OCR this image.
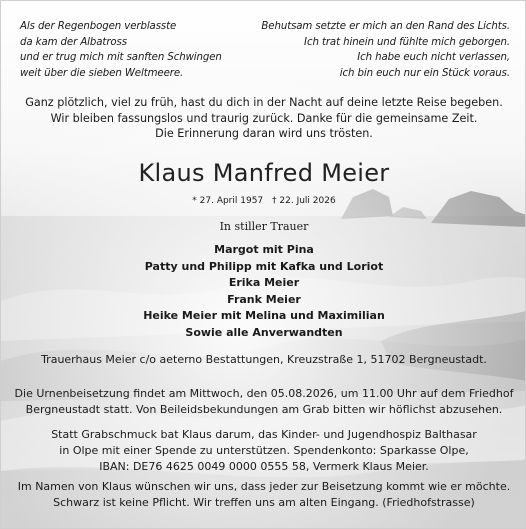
Als der Regenbogen verblasste
da kam der Albatross
und er trug mich mit sanften Schwingen
weit über die sieben Weltmeere.
Behutsam setzte er mich an den Rand des Lichts.
Ich trat hinein und fühlte mich geborgen.
Ich habe euch nicht verlassen,
ich bin euch nur ein Stück voraus.
Ganz plötzlich, viel zu früh, hast du dich in der Nacht auf deine letzte Reise begeben.
Wir bleiben fassungslos und traurig zurück. Danke für die gemeinsame Zeit.
Die Erinnerung daran wird uns trösten.
Klaus Manfred Meier
* 27. April 1957 † 22. Juli 2026
In stiller Trauer
Margot mit Pina
Patty und Philipp mit Kafka und Loriot
Erika Meier
Frank Meier
Heike Meier mit Melina und Maximilian
Sowie alle Anverwandten
Trauerhaus Meier c/o aeterno Bestattungen, Kreuzstraße 1, 51702 Bergneustadt.
Die Urnenbeisetzung findet am Mittwoch, den 05.08.2026, um 11.00 Uhr auf dem Friedhof
Bergneustadt statt. Von Beileidsbekundungen am Grab bitten wir höflichst abzusehen.
Statt Grabschmuck bat Klaus darum, das Kinder- und Jugendhospiz Balthasar
in Olpe mit einer Spende zu unterstützen. Spendenkonto: Sparkasse Olpe,
IBAN: DE76 4625 0049 0000 0555 58, Vermerk Klaus Meier.
Im Namen von Klaus wünschen wir uns, dass jeder zur Beisetzung kommt wie er möchte.
Schwarz ist keine Pflicht. Wir treffen uns am alten Eingang. (Friedhofstrasse)
